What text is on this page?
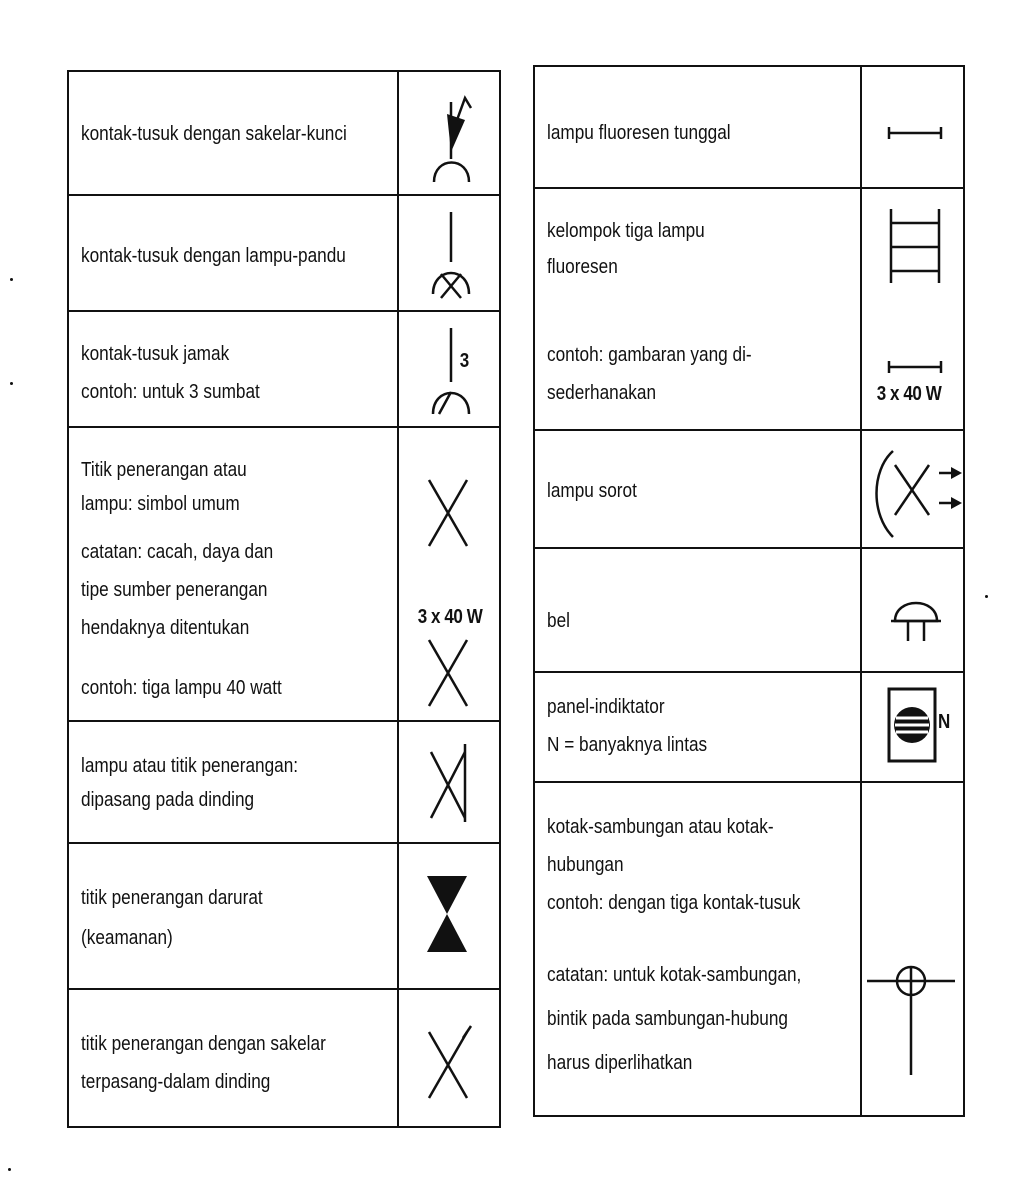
kontak-tusuk dengan sakelar-kunci
kontak-tusuk dengan lampu-pandu
kontak-tusuk jamak
contoh: untuk 3 sumbat
3
Titik penerangan atau
lampu: simbol umum
catatan: cacah, daya dan
tipe sumber penerangan
hendaknya ditentukan
contoh: tiga lampu 40 watt
3 x 40 W
lampu atau titik penerangan:
dipasang pada dinding
titik penerangan darurat
(keamanan)
titik penerangan dengan sakelar
terpasang-dalam dinding
lampu fluoresen tunggal
kelompok tiga lampu
fluoresen
contoh: gambaran yang di-
sederhanakan	3 x 40 W
lampu sorot
bel
panel-indiktator
N = banyaknya lintas
N
kotak-sambungan atau kotak-
hubungan
contoh: dengan tiga kontak-tusuk
catatan: untuk kotak-sambungan,
bintik pada sambungan-hubung
harus diperlihatkan
